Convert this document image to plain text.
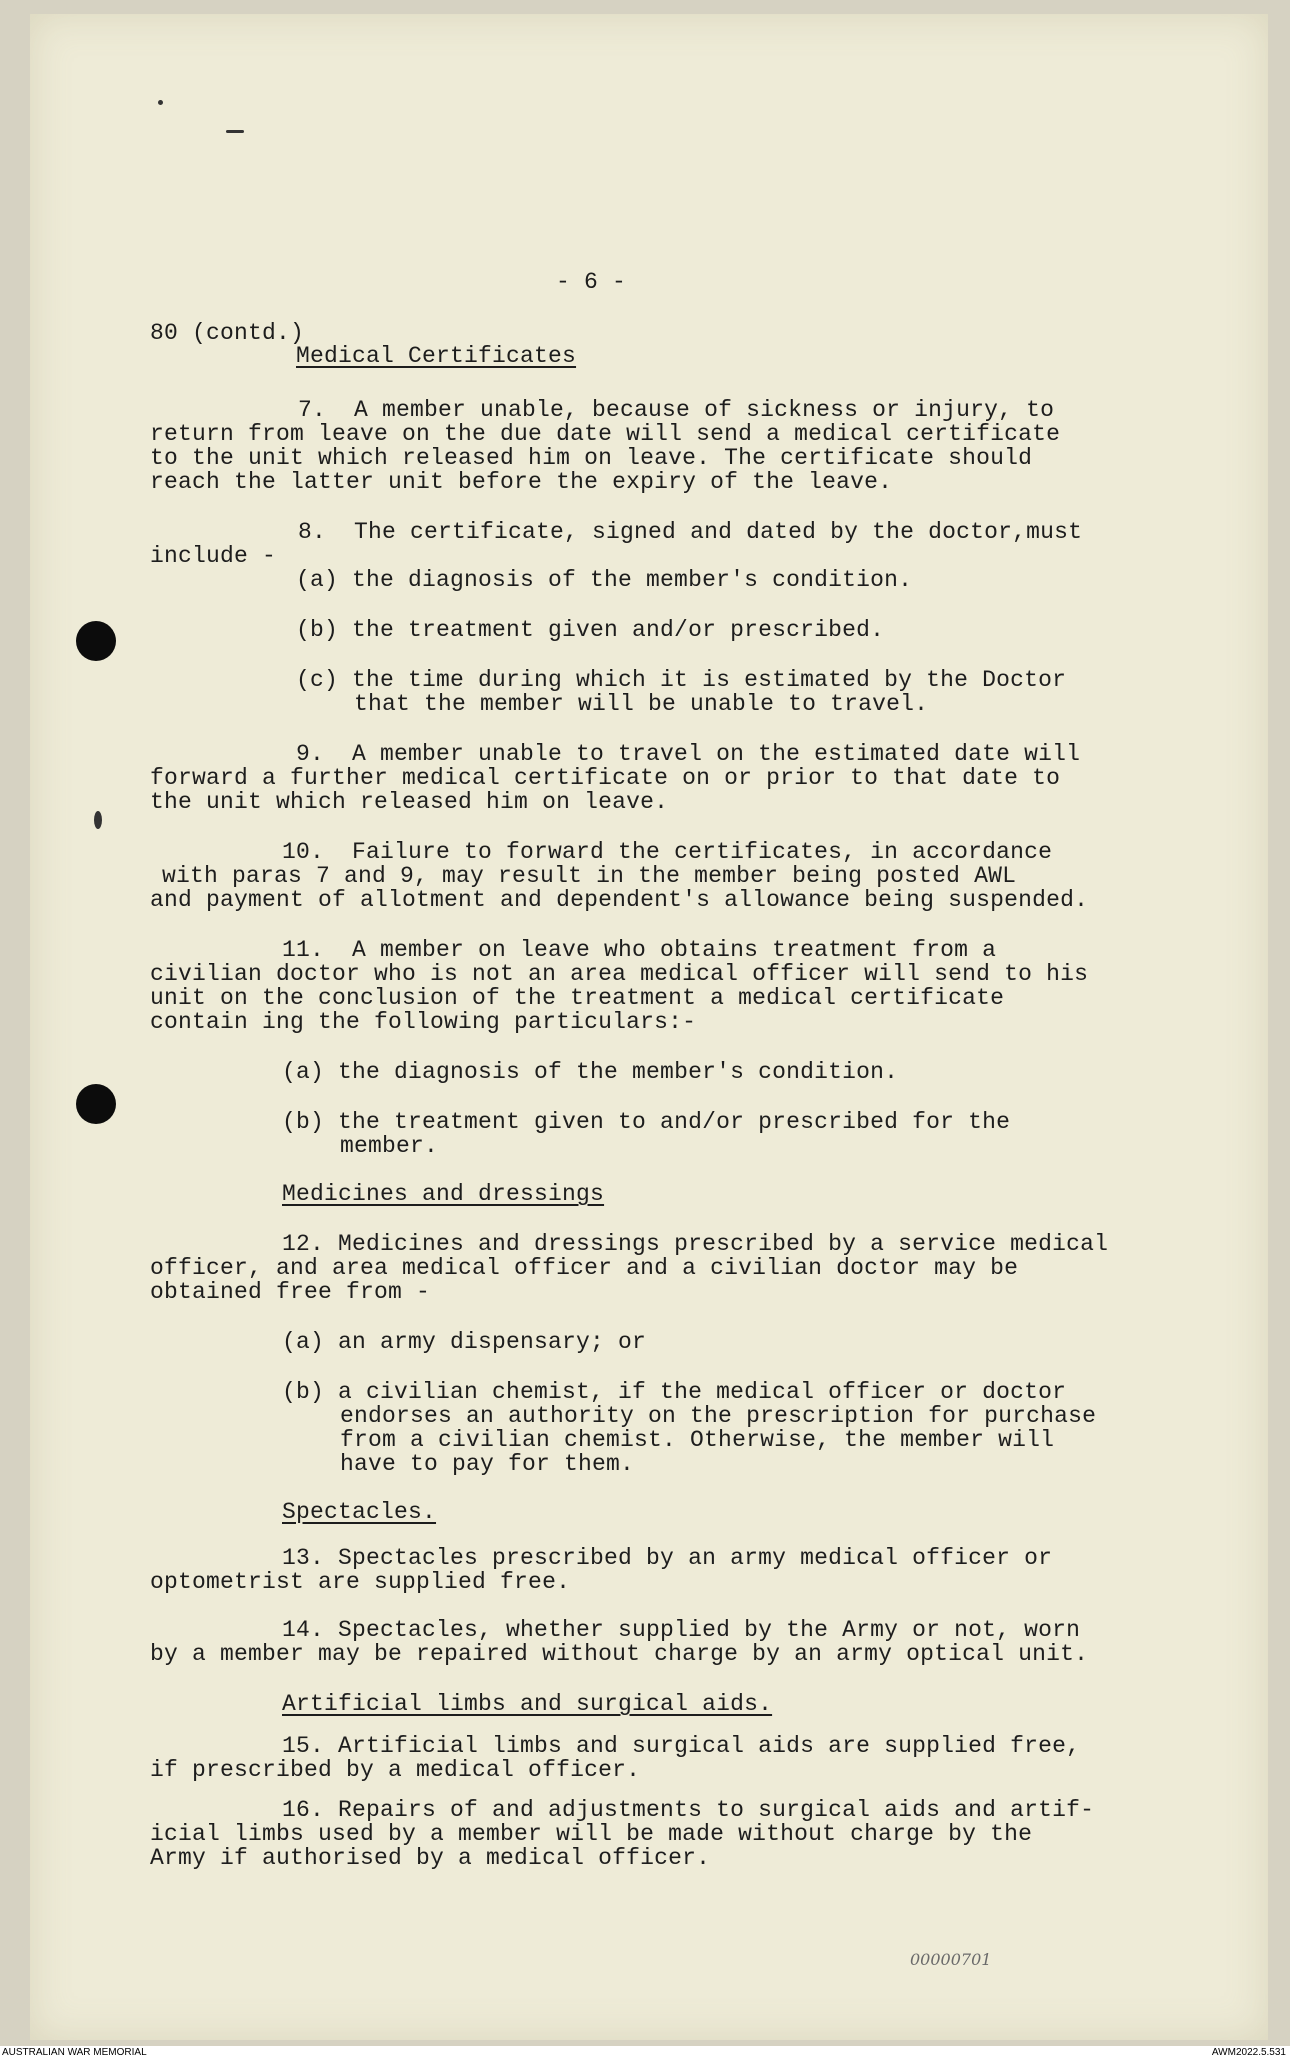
- 6 -
80 (contd.)
Medical Certificates
7.  A member unable, because of sickness or injury, to
return from leave on the due date will send a medical certificate
to the unit which released him on leave. The certificate should
reach the latter unit before the expiry of the leave.
8.  The certificate, signed and dated by the doctor,must
include -
(a) the diagnosis of the member's condition.
(b) the treatment given and/or prescribed.
(c) the time during which it is estimated by the Doctor
that the member will be unable to travel.
9.  A member unable to travel on the estimated date will
forward a further medical certificate on or prior to that date to
the unit which released him on leave.
10.  Failure to forward the certificates, in accordance
with paras 7 and 9, may result in the member being posted AWL
and payment of allotment and dependent's allowance being suspended.
11.  A member on leave who obtains treatment from a
civilian doctor who is not an area medical officer will send to his
unit on the conclusion of the treatment a medical certificate
contain ing the following particulars:-
(a) the diagnosis of the member's condition.
(b) the treatment given to and/or prescribed for the
member.
Medicines and dressings
12. Medicines and dressings prescribed by a service medical
officer, and area medical officer and a civilian doctor may be
obtained free from -
(a) an army dispensary; or
(b) a civilian chemist, if the medical officer or doctor
endorses an authority on the prescription for purchase
from a civilian chemist. Otherwise, the member will
have to pay for them.
Spectacles.
13. Spectacles prescribed by an army medical officer or
optometrist are supplied free.
14. Spectacles, whether supplied by the Army or not, worn
by a member may be repaired without charge by an army optical unit.
Artificial limbs and surgical aids.
15. Artificial limbs and surgical aids are supplied free,
if prescribed by a medical officer.
16. Repairs of and adjustments to surgical aids and artif-
icial limbs used by a member will be made without charge by the
Army if authorised by a medical officer.
00000701
AUSTRALIAN WAR MEMORIAL	AWM2022.5.531
